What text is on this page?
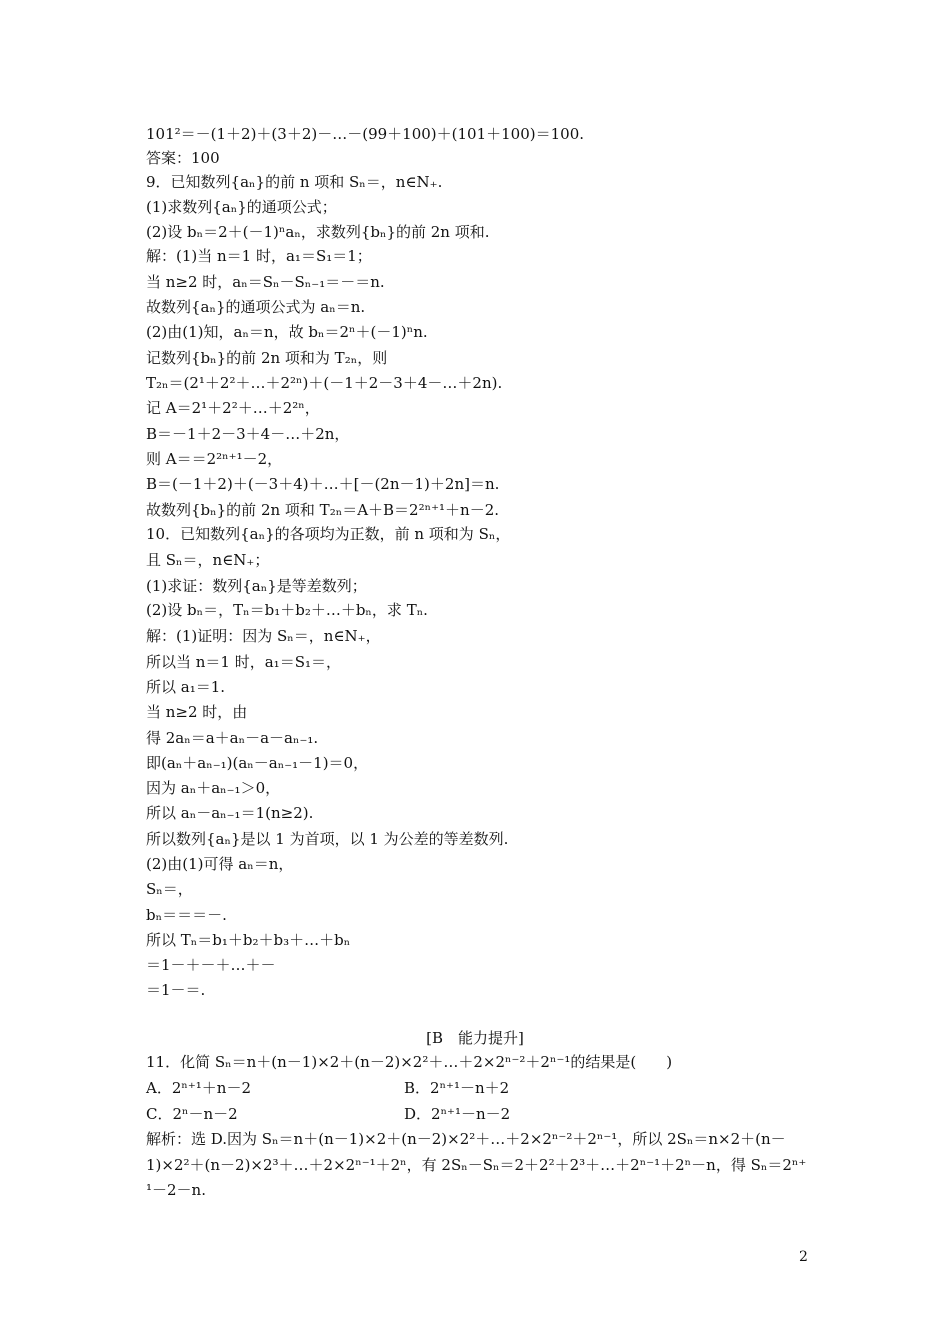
101²＝－(1＋2)＋(3＋2)－…－(99＋100)＋(101＋100)＝100.
答案：100
9．已知数列{aₙ}的前 n 项和 Sₙ＝，n∈N₊.
(1)求数列{aₙ}的通项公式；
(2)设 bₙ＝2＋(－1)ⁿaₙ，求数列{bₙ}的前 2n 项和.
解：(1)当 n＝1 时，a₁＝S₁＝1；
当 n≥2 时，aₙ＝Sₙ－Sₙ₋₁＝－＝n.
故数列{aₙ}的通项公式为 aₙ＝n.
(2)由(1)知，aₙ＝n，故 bₙ＝2ⁿ＋(－1)ⁿn.
记数列{bₙ}的前 2n 项和为 T₂ₙ，则
T₂ₙ＝(2¹＋2²＋…＋2²ⁿ)＋(－1＋2－3＋4－…＋2n).
记 A＝2¹＋2²＋…＋2²ⁿ，
B＝－1＋2－3＋4－…＋2n，
则 A＝＝2²ⁿ⁺¹－2，
B＝(－1＋2)＋(－3＋4)＋…＋[－(2n－1)＋2n]＝n.
故数列{bₙ}的前 2n 项和 T₂ₙ＝A＋B＝2²ⁿ⁺¹＋n－2.
10．已知数列{aₙ}的各项均为正数，前 n 项和为 Sₙ，
且 Sₙ＝，n∈N₊；
(1)求证：数列{aₙ}是等差数列；
(2)设 bₙ＝，Tₙ＝b₁＋b₂＋…＋bₙ，求 Tₙ.
解：(1)证明：因为 Sₙ＝，n∈N₊，
所以当 n＝1 时，a₁＝S₁＝，
所以 a₁＝1.
当 n≥2 时，由
得 2aₙ＝a＋aₙ－a－aₙ₋₁.
即(aₙ＋aₙ₋₁)(aₙ－aₙ₋₁－1)＝0，
因为 aₙ＋aₙ₋₁＞0，
所以 aₙ－aₙ₋₁＝1(n≥2).
所以数列{aₙ}是以 1 为首项，以 1 为公差的等差数列.
(2)由(1)可得 aₙ＝n，
Sₙ＝，
bₙ＝＝＝－.
所以 Tₙ＝b₁＋b₂＋b₃＋…＋bₙ
＝1－＋－＋…＋－
＝1－＝.
[B　能力提升]
11．化简 Sₙ＝n＋(n－1)×2＋(n－2)×2²＋…＋2×2ⁿ⁻²＋2ⁿ⁻¹的结果是(　　)
A．2ⁿ⁺¹＋n－2	B．2ⁿ⁺¹－n＋2
C．2ⁿ－n－2	D．2ⁿ⁺¹－n－2
解析：选 D.因为 Sₙ＝n＋(n－1)×2＋(n－2)×2²＋…＋2×2ⁿ⁻²＋2ⁿ⁻¹，所以 2Sₙ＝n×2＋(n－
1)×2²＋(n－2)×2³＋…＋2×2ⁿ⁻¹＋2ⁿ，有 2Sₙ－Sₙ＝2＋2²＋2³＋…＋2ⁿ⁻¹＋2ⁿ－n，得 Sₙ＝2ⁿ⁺
¹－2－n.
2
